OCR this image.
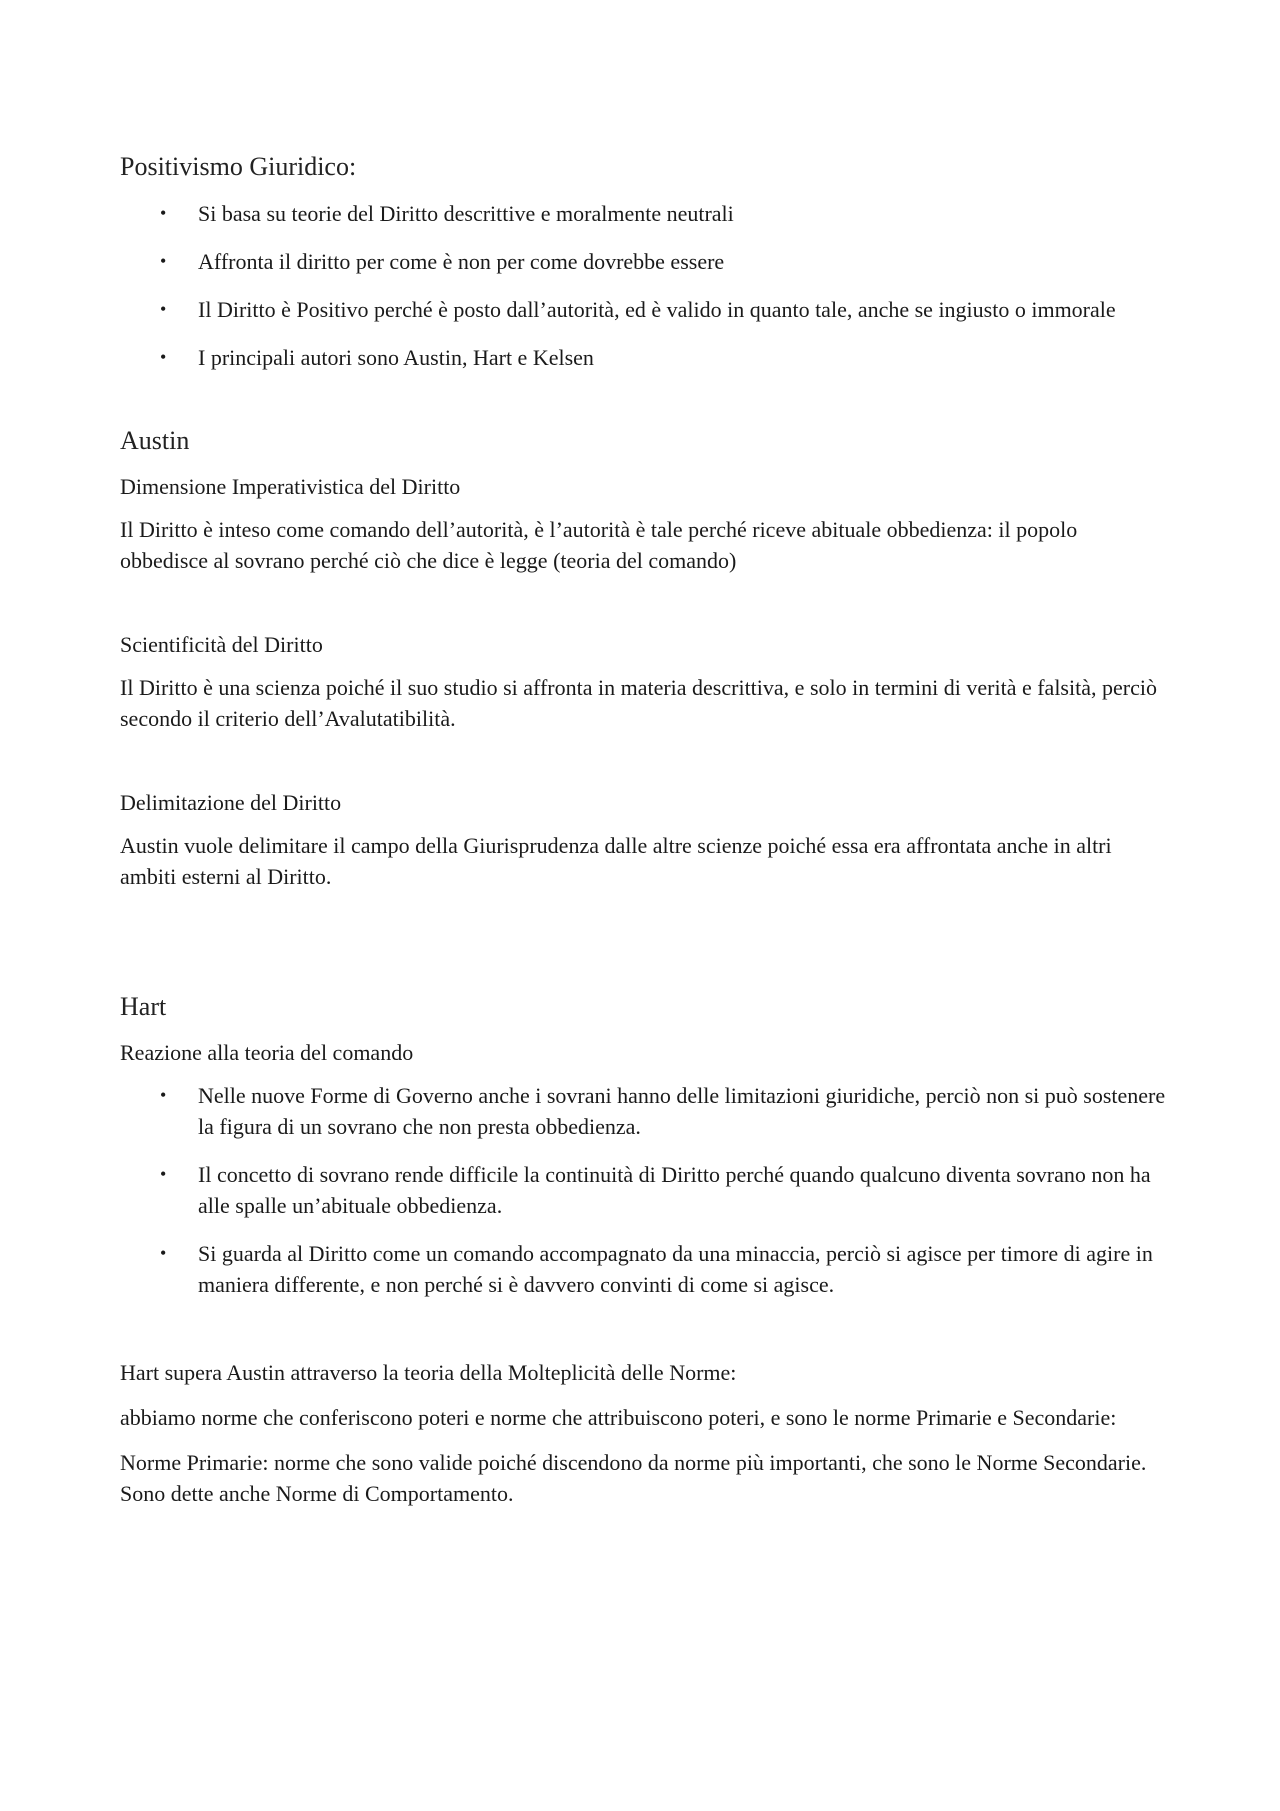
Positivismo Giuridico:
• Si basa su teorie del Diritto descrittive e moralmente neutrali
• Affronta il diritto per come è non per come dovrebbe essere
• Il Diritto è Positivo perché è posto dall’autorità, ed è valido in quanto tale, anche se ingiusto o immorale
• I principali autori sono Austin, Hart e Kelsen
Austin
Dimensione Imperativistica del Diritto

Il Diritto è inteso come comando dell’autorità, è l’autorità è tale perché riceve abituale obbedienza: il popolo obbedisce al sovrano perché ciò che dice è legge (teoria del comando)

Scientificità del Diritto

Il Diritto è una scienza poiché il suo studio si affronta in materia descrittiva, e solo in termini di verità e falsità, perciò secondo il criterio dell’Avalutatibilità.

Delimitazione del Diritto

Austin vuole delimitare il campo della Giurisprudenza dalle altre scienze poiché essa era affrontata anche in altri ambiti esterni al Diritto.

Hart
Reazione alla teoria del comando
• Nelle nuove Forme di Governo anche i sovrani hanno delle limitazioni giuridiche, perciò non si può sostenere la figura di un sovrano che non presta obbedienza.
• Il concetto di sovrano rende difficile la continuità di Diritto perché quando qualcuno diventa sovrano non ha alle spalle un’abituale obbedienza.
• Si guarda al Diritto come un comando accompagnato da una minaccia, perciò si agisce per timore di agire in maniera differente, e non perché si è davvero convinti di come si agisce.

Hart supera Austin attraverso la teoria della Molteplicità delle Norme:

abbiamo norme che conferiscono poteri e norme che attribuiscono poteri, e sono le norme Primarie e Secondarie:

Norme Primarie: norme che sono valide poiché discendono da norme più importanti, che sono le Norme Secondarie. Sono dette anche Norme di Comportamento.
